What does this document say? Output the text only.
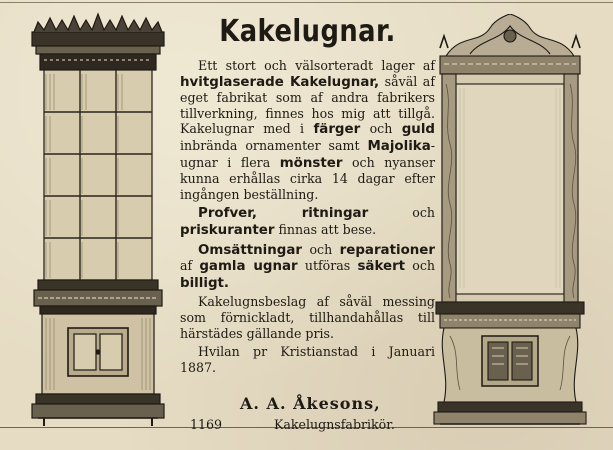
Kakelugnar.

Ett stort och välsorteradt lager af hvitglaserade Kakelugnar, såväl af eget fabrikat som af andra fabrikers tillverkning, finnes hos mig att tillgå. Kakelugnar med i färger och guld inbrända ornamenter samt Majolika-ugnar i flera mönster och nyanser kunna erhållas cirka 14 dagar efter ingången beställning.

Profver, ritningar och priskuranter finnas att bese.

Omsättningar och reparationer af gamla ugnar utföras säkert och billigt.

Kakelugnsbeslag af såväl messing som förnickladt, tillhandahållas till härstädes gällande pris.

Hvilan pr Kristianstad i Januari 1887.

A. A. Åkesons,
1169	Kakelugnsfabrikör.
